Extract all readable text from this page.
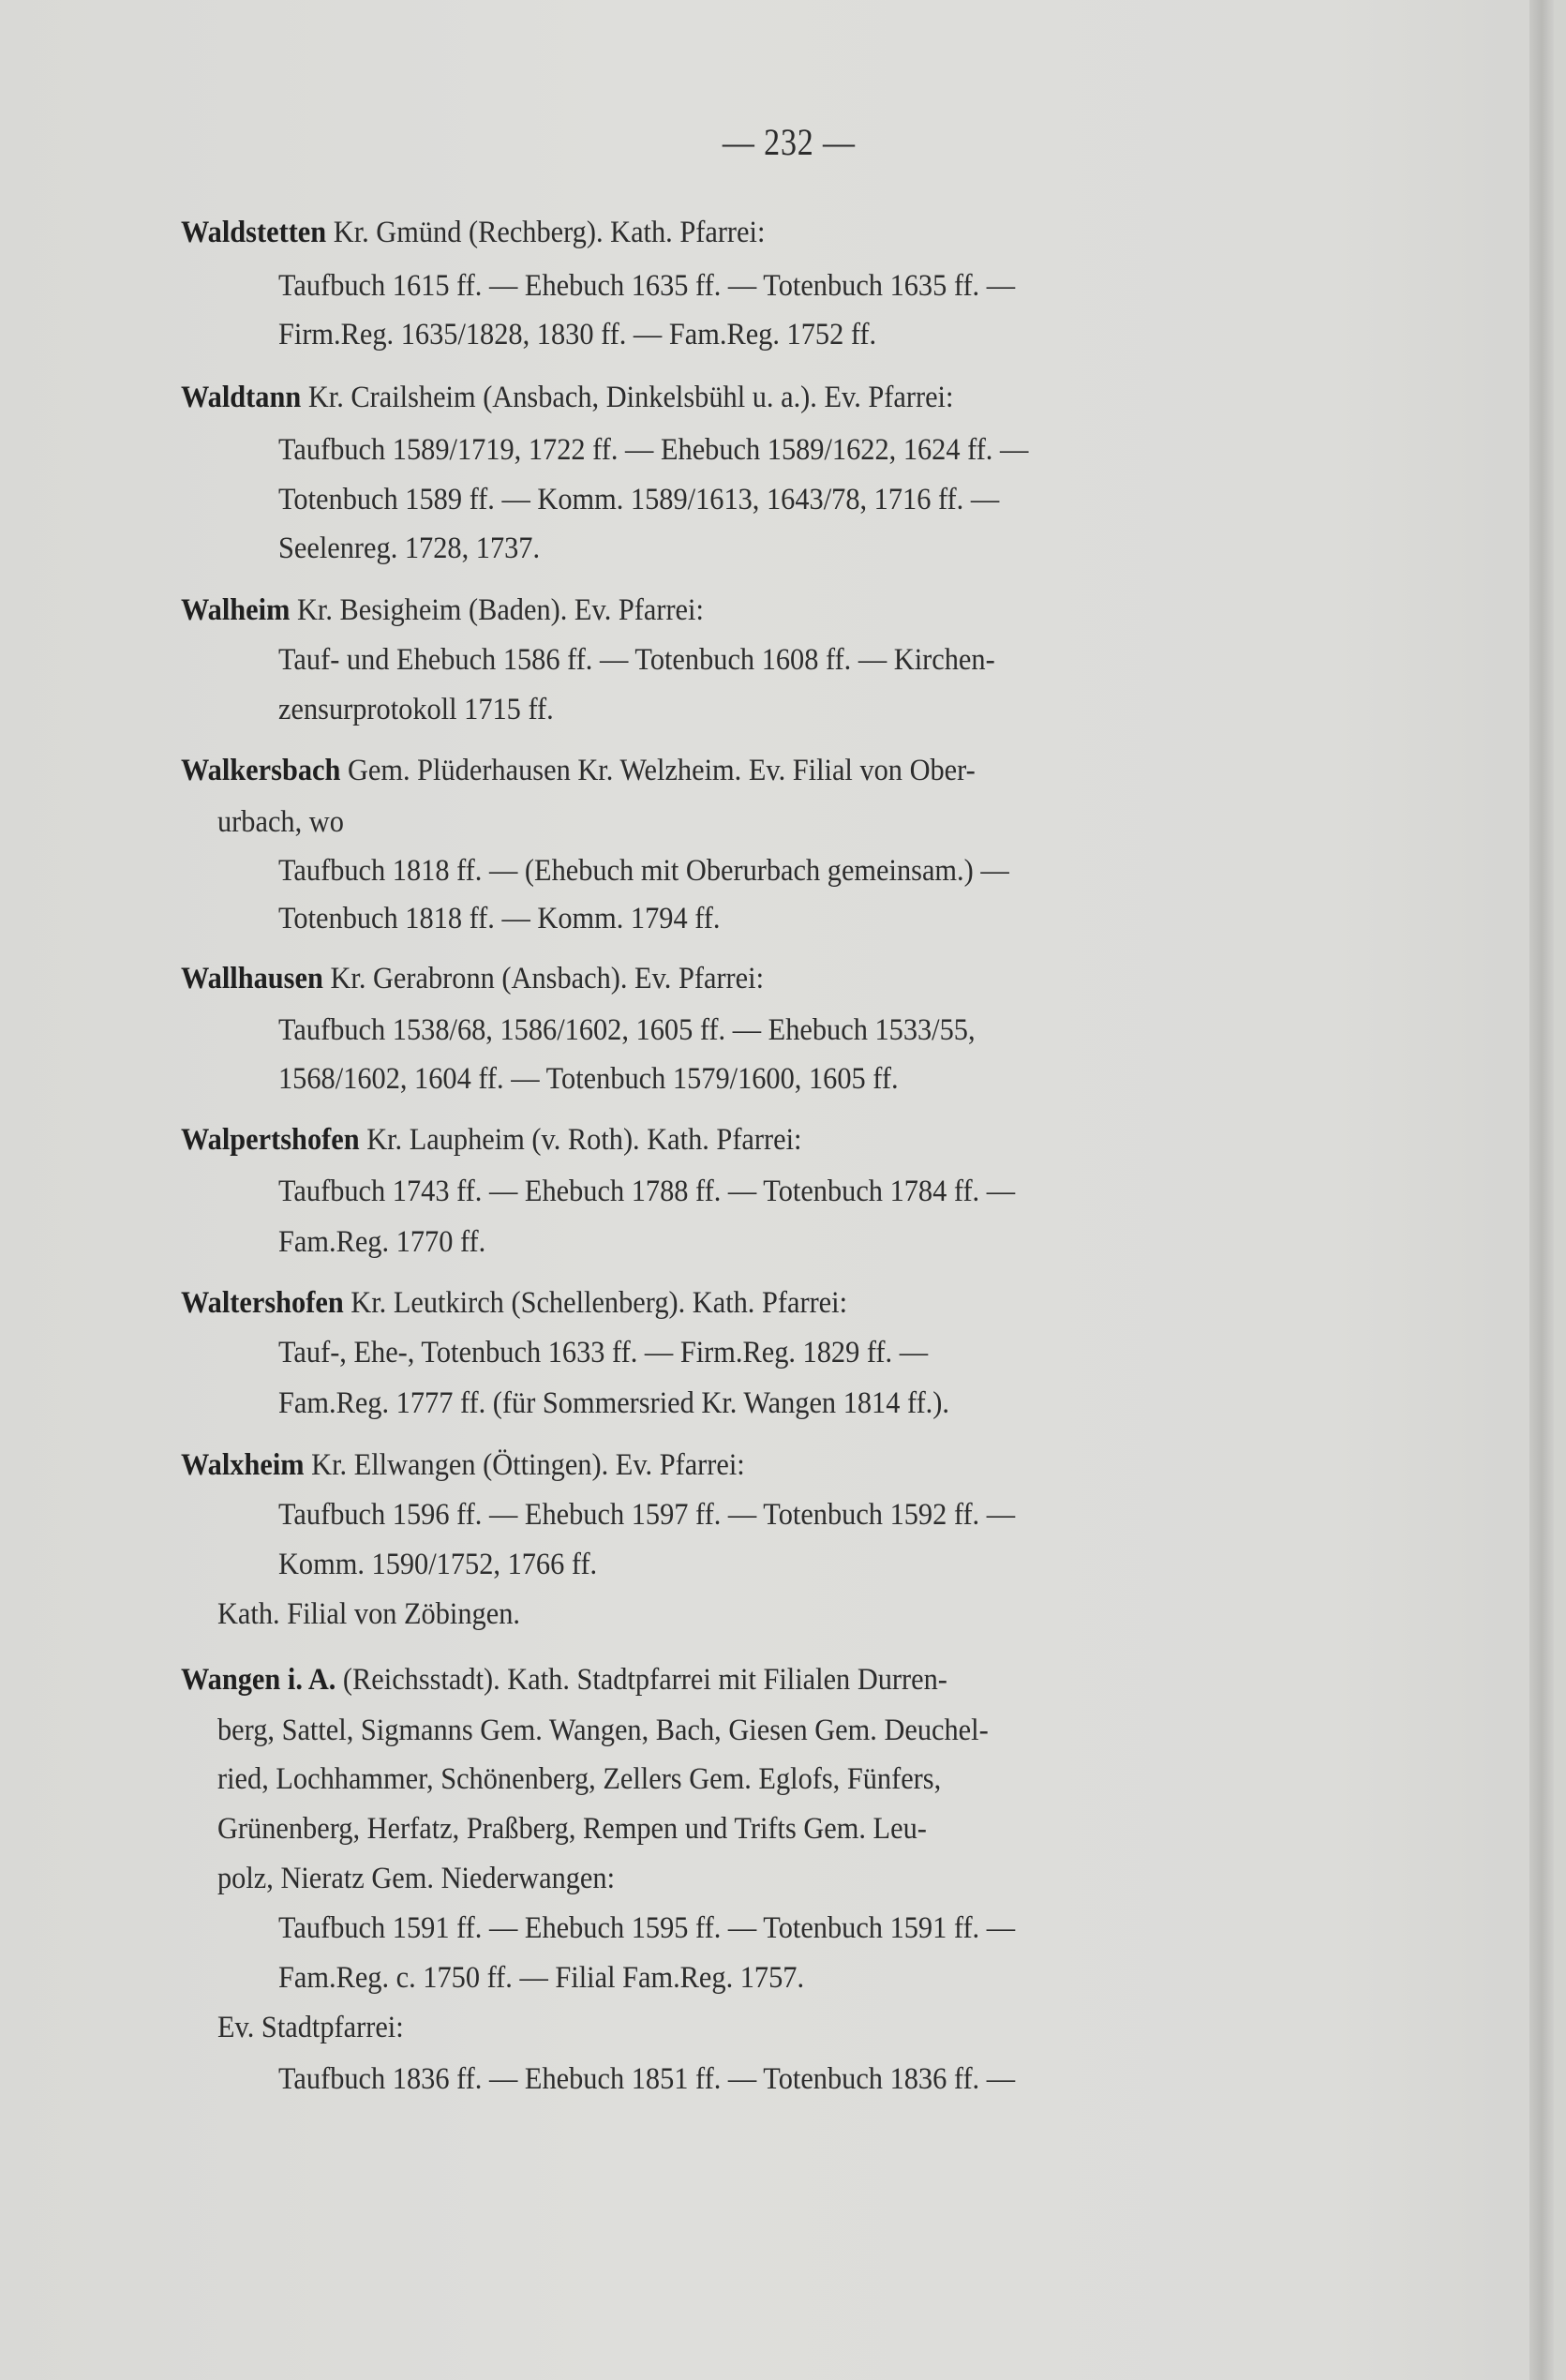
— 232 —
Waldstetten Kr. Gmünd (Rechberg). Kath. Pfarrei:
Taufbuch 1615 ff. — Ehebuch 1635 ff. — Totenbuch 1635 ff. —
Firm.Reg. 1635/1828, 1830 ff. — Fam.Reg. 1752 ff.
Waldtann Kr. Crailsheim (Ansbach, Dinkelsbühl u. a.). Ev. Pfarrei:
Taufbuch 1589/1719, 1722 ff. — Ehebuch 1589/1622, 1624 ff. —
Totenbuch 1589 ff. — Komm. 1589/1613, 1643/78, 1716 ff. —
Seelenreg. 1728, 1737.
Walheim Kr. Besigheim (Baden). Ev. Pfarrei:
Tauf- und Ehebuch 1586 ff. — Totenbuch 1608 ff. — Kirchen-
zensurprotokoll 1715 ff.
Walkersbach Gem. Plüderhausen Kr. Welzheim. Ev. Filial von Ober-
urbach, wo
Taufbuch 1818 ff. — (Ehebuch mit Oberurbach gemeinsam.) —
Totenbuch 1818 ff. — Komm. 1794 ff.
Wallhausen Kr. Gerabronn (Ansbach). Ev. Pfarrei:
Taufbuch 1538/68, 1586/1602, 1605 ff. — Ehebuch 1533/55,
1568/1602, 1604 ff. — Totenbuch 1579/1600, 1605 ff.
Walpertshofen Kr. Laupheim (v. Roth). Kath. Pfarrei:
Taufbuch 1743 ff. — Ehebuch 1788 ff. — Totenbuch 1784 ff. —
Fam.Reg. 1770 ff.
Waltershofen Kr. Leutkirch (Schellenberg). Kath. Pfarrei:
Tauf-, Ehe-, Totenbuch 1633 ff. — Firm.Reg. 1829 ff. —
Fam.Reg. 1777 ff. (für Sommersried Kr. Wangen 1814 ff.).
Walxheim Kr. Ellwangen (Öttingen). Ev. Pfarrei:
Taufbuch 1596 ff. — Ehebuch 1597 ff. — Totenbuch 1592 ff. —
Komm. 1590/1752, 1766 ff.
Kath. Filial von Zöbingen.
Wangen i. A. (Reichsstadt). Kath. Stadtpfarrei mit Filialen Durren-
berg, Sattel, Sigmanns Gem. Wangen, Bach, Giesen Gem. Deuchel-
ried, Lochhammer, Schönenberg, Zellers Gem. Eglofs, Fünfers,
Grünenberg, Herfatz, Praßberg, Rempen und Trifts Gem. Leu-
polz, Nieratz Gem. Niederwangen:
Taufbuch 1591 ff. — Ehebuch 1595 ff. — Totenbuch 1591 ff. —
Fam.Reg. c. 1750 ff. — Filial Fam.Reg. 1757.
Ev. Stadtpfarrei:
Taufbuch 1836 ff. — Ehebuch 1851 ff. — Totenbuch 1836 ff. —
